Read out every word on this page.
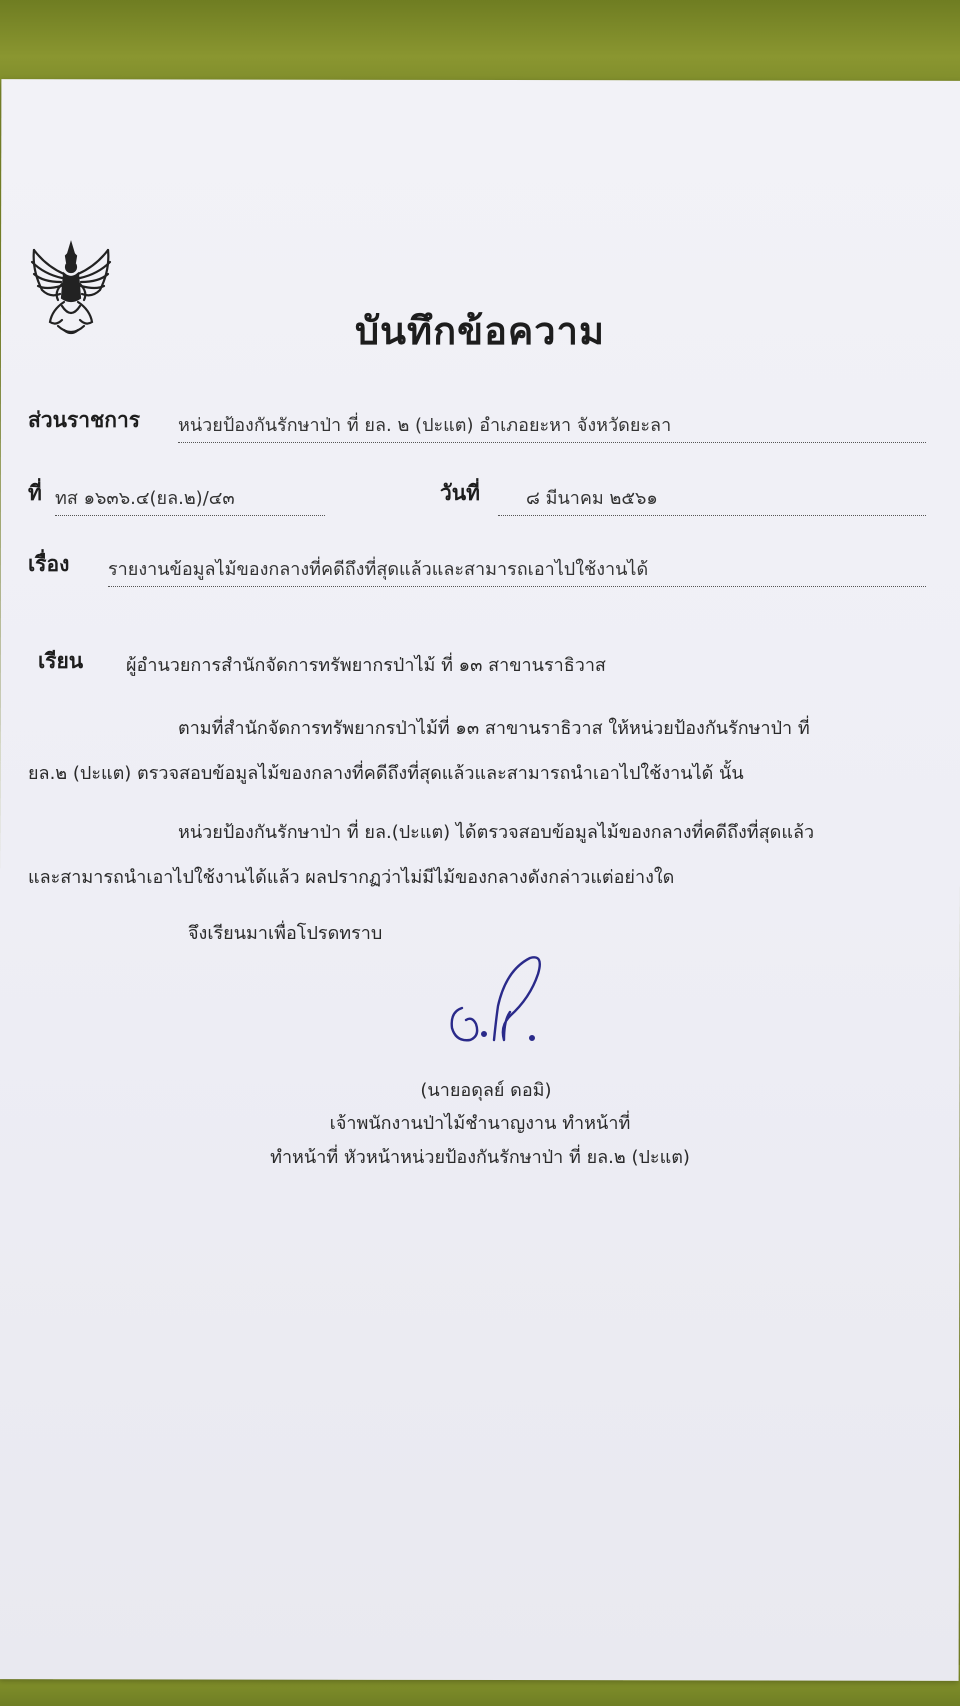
บันทึกข้อความ
ส่วนราชการ หน่วยป้องกันรักษาป่า ที่ ยล. ๒ (ปะแต) อำเภอยะหา จังหวัดยะลา
ที่ ทส ๑๖๓๖.๔(ยล.๒)/๔๓	วันที่	๘ มีนาคม ๒๕๖๑
เรื่อง รายงานข้อมูลไม้ของกลางที่คดีถึงที่สุดแล้วและสามารถเอาไปใช้งานได้
เรียน ผู้อำนวยการสำนักจัดการทรัพยากรป่าไม้ ที่ ๑๓ สาขานราธิวาส
ตามที่สำนักจัดการทรัพยากรป่าไม้ที่ ๑๓ สาขานราธิวาส ให้หน่วยป้องกันรักษาป่า ที่
ยล.๒ (ปะแต) ตรวจสอบข้อมูลไม้ของกลางที่คดีถึงที่สุดแล้วและสามารถนำเอาไปใช้งานได้ นั้น
หน่วยป้องกันรักษาป่า ที่ ยล.(ปะแต) ได้ตรวจสอบข้อมูลไม้ของกลางที่คดีถึงที่สุดแล้ว
และสามารถนำเอาไปใช้งานได้แล้ว ผลปรากฏว่าไม่มีไม้ของกลางดังกล่าวแต่อย่างใด
จึงเรียนมาเพื่อโปรดทราบ
(นายอดุลย์ ดอมิ)
เจ้าพนักงานป่าไม้ชำนาญงาน ทำหน้าที่
ทำหน้าที่ หัวหน้าหน่วยป้องกันรักษาป่า ที่ ยล.๒ (ปะแต)
